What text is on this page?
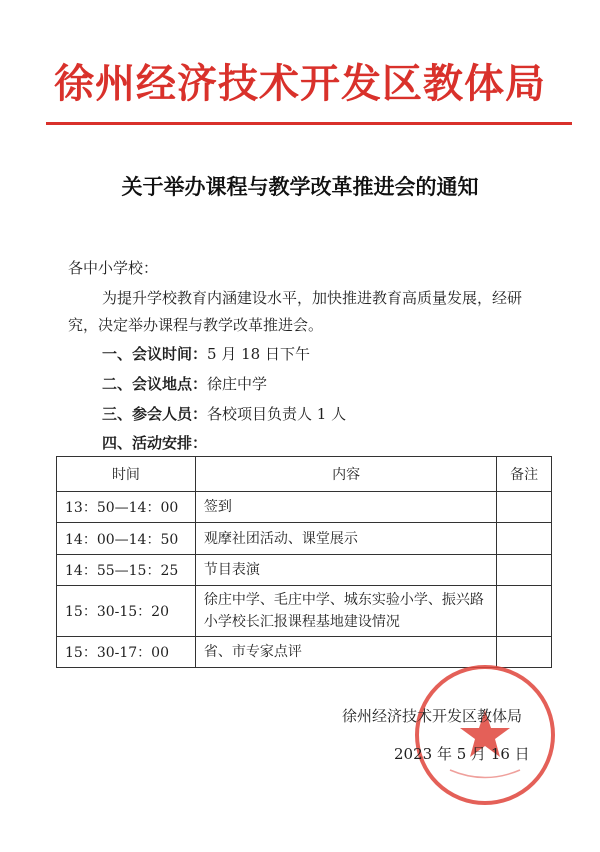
徐州经济技术开发区教体局
关于举办课程与教学改革推进会的通知
各中小学校：
为提升学校教育内涵建设水平，加快推进教育高质量发展，经研究，决定举办课程与教学改革推进会。
一、会议时间：5 月 18 日下午
二、会议地点：徐庄中学
三、参会人员：各校项目负责人 1 人
四、活动安排：
时间	内容	备注
13：50—14：00	签到	
14：00—14：50	观摩社团活动、课堂展示	
14：55—15：25	节目表演	
15：30-15：20	徐庄中学、毛庄中学、城东实验小学、振兴路小学校长汇报课程基地建设情况	
15：30-17：00	省、市专家点评	
徐州经济技术开发区教体局
2023 年 5 月 16 日
